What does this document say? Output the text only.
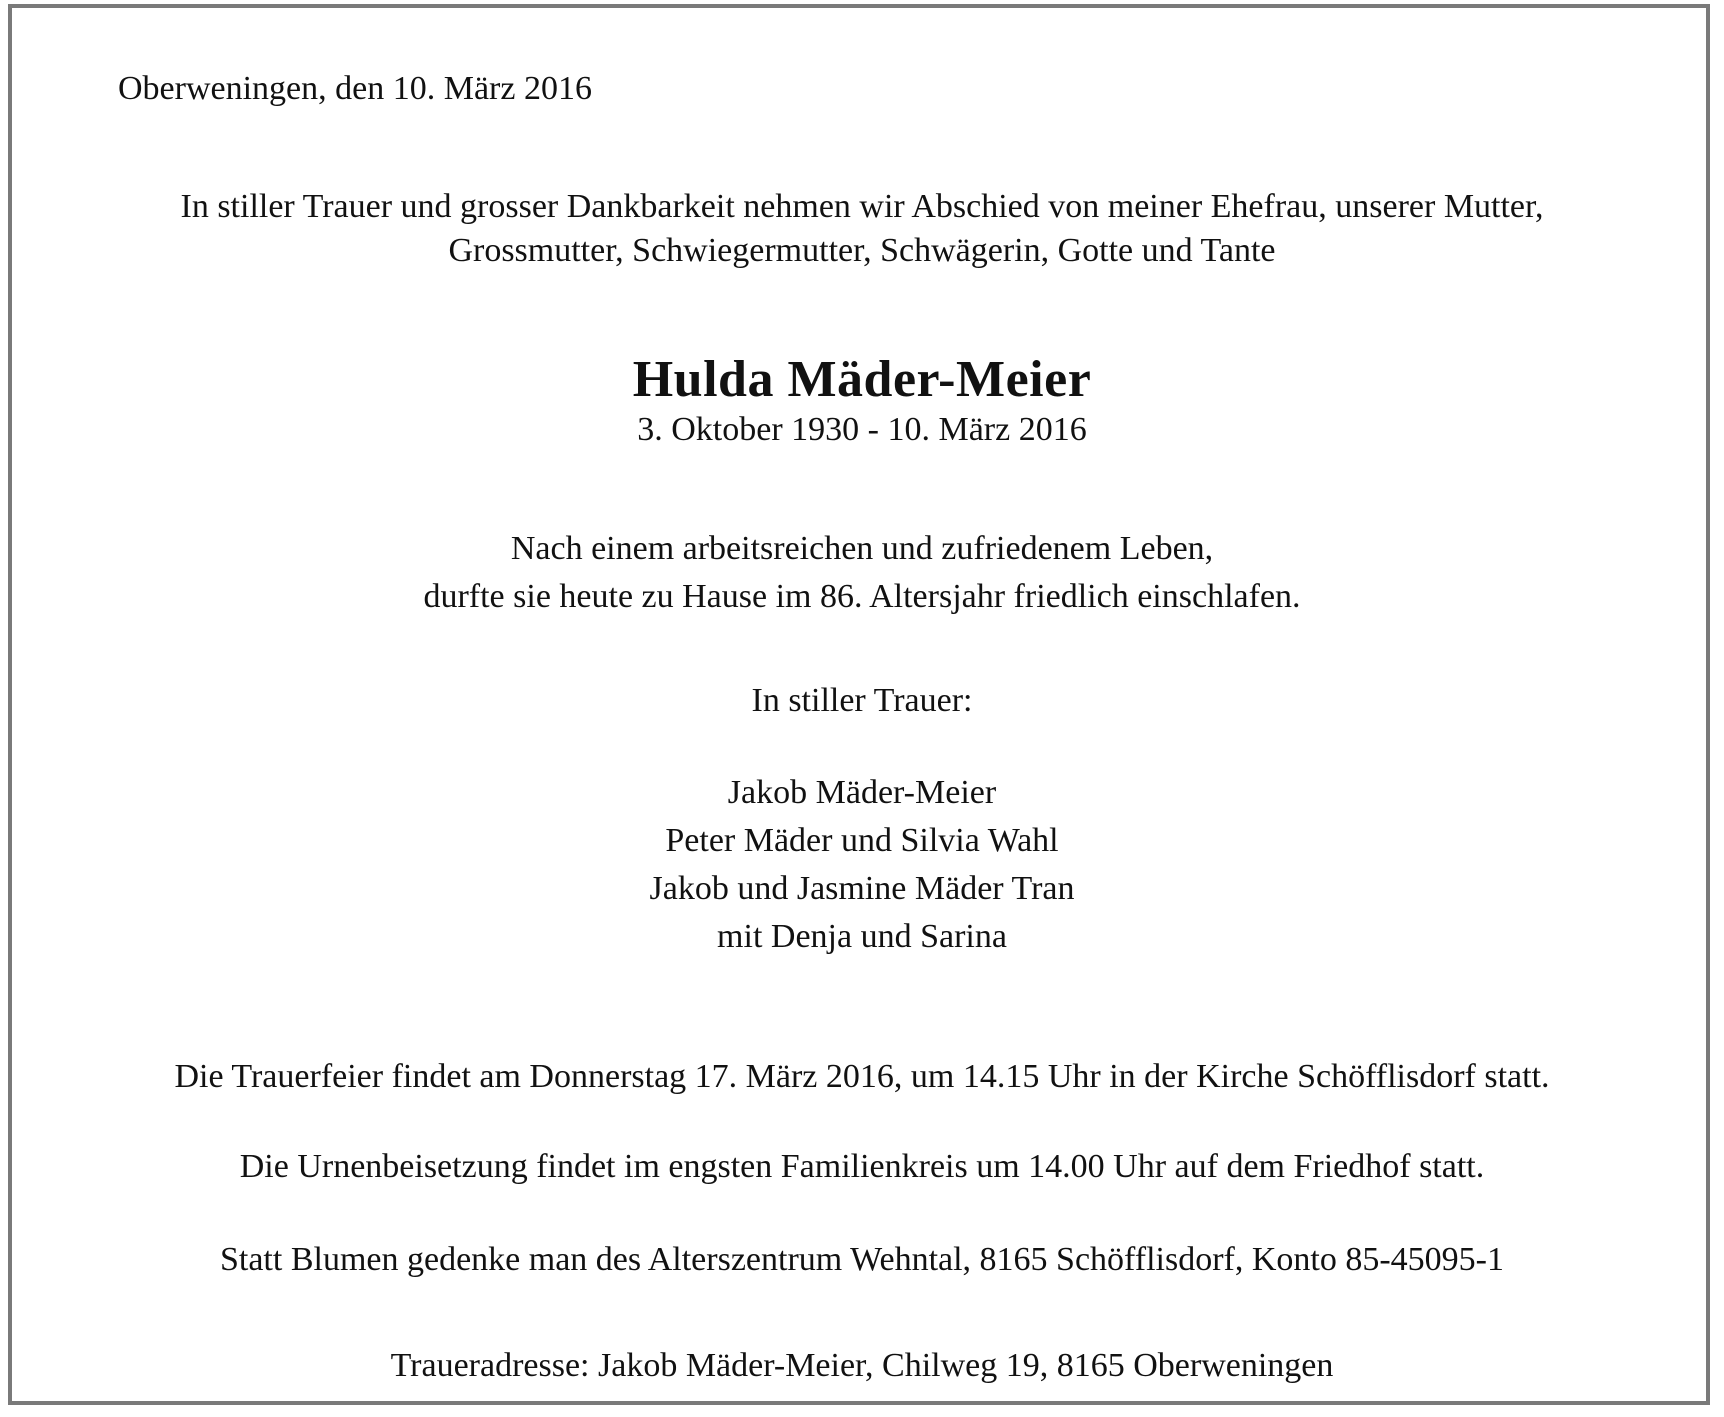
Oberweningen, den 10. März 2016
In stiller Trauer und grosser Dankbarkeit nehmen wir Abschied von meiner Ehefrau, unserer Mutter,
Grossmutter, Schwiegermutter, Schwägerin, Gotte und Tante
Hulda Mäder-Meier
3. Oktober 1930 - 10. März 2016
Nach einem arbeitsreichen und zufriedenem Leben,
durfte sie heute zu Hause im 86. Altersjahr friedlich einschlafen.
In stiller Trauer:
Jakob Mäder-Meier
Peter Mäder und Silvia Wahl
Jakob und Jasmine Mäder Tran
mit Denja und Sarina
Die Trauerfeier findet am Donnerstag 17. März 2016, um 14.15 Uhr in der Kirche Schöfflisdorf statt.
Die Urnenbeisetzung findet im engsten Familienkreis um 14.00 Uhr auf dem Friedhof statt.
Statt Blumen gedenke man des Alterszentrum Wehntal, 8165 Schöfflisdorf, Konto 85-45095-1
Traueradresse: Jakob Mäder-Meier, Chilweg 19, 8165 Oberweningen
